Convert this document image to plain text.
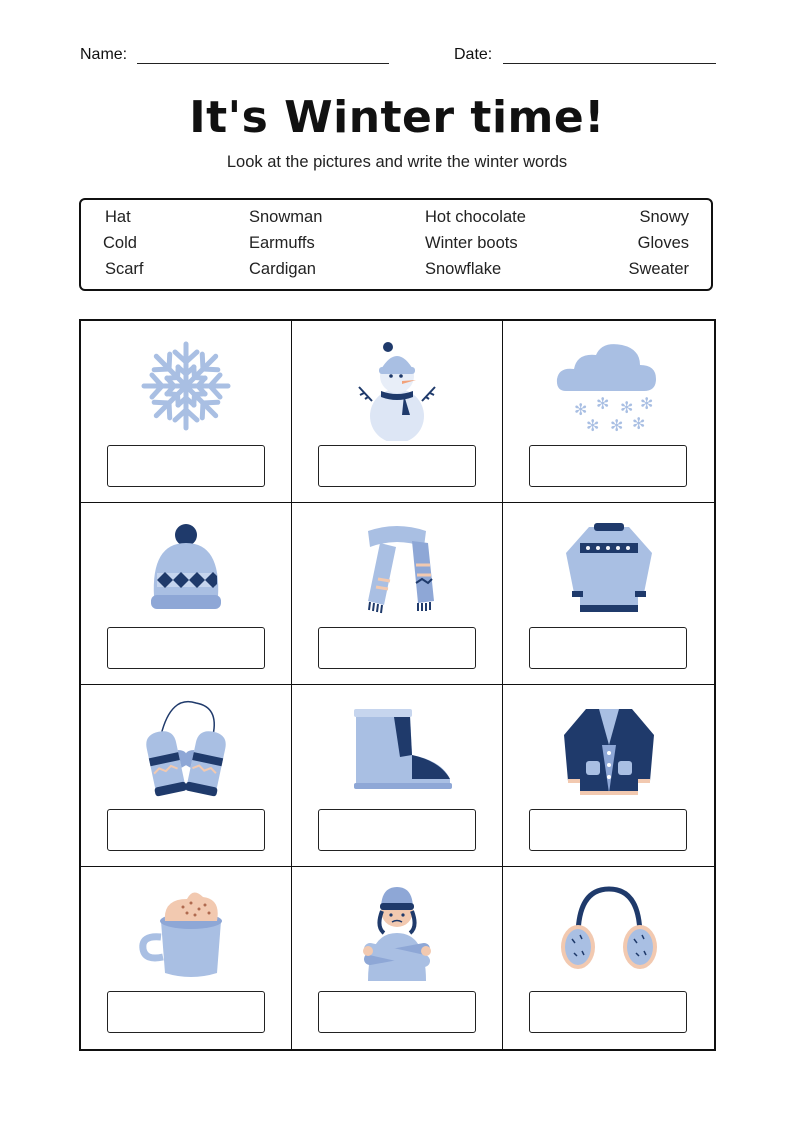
Name:	Date:
It's Winter time!
Look at the pictures and write the winter words
Hat
Cold
Scarf
Snowman
Earmuffs
Cardigan
Hot chocolate
Winter boots
Snowflake
Snowy
Gloves
Sweater
✻ ✻ ✻ ✻
✻ ✻ ✻
